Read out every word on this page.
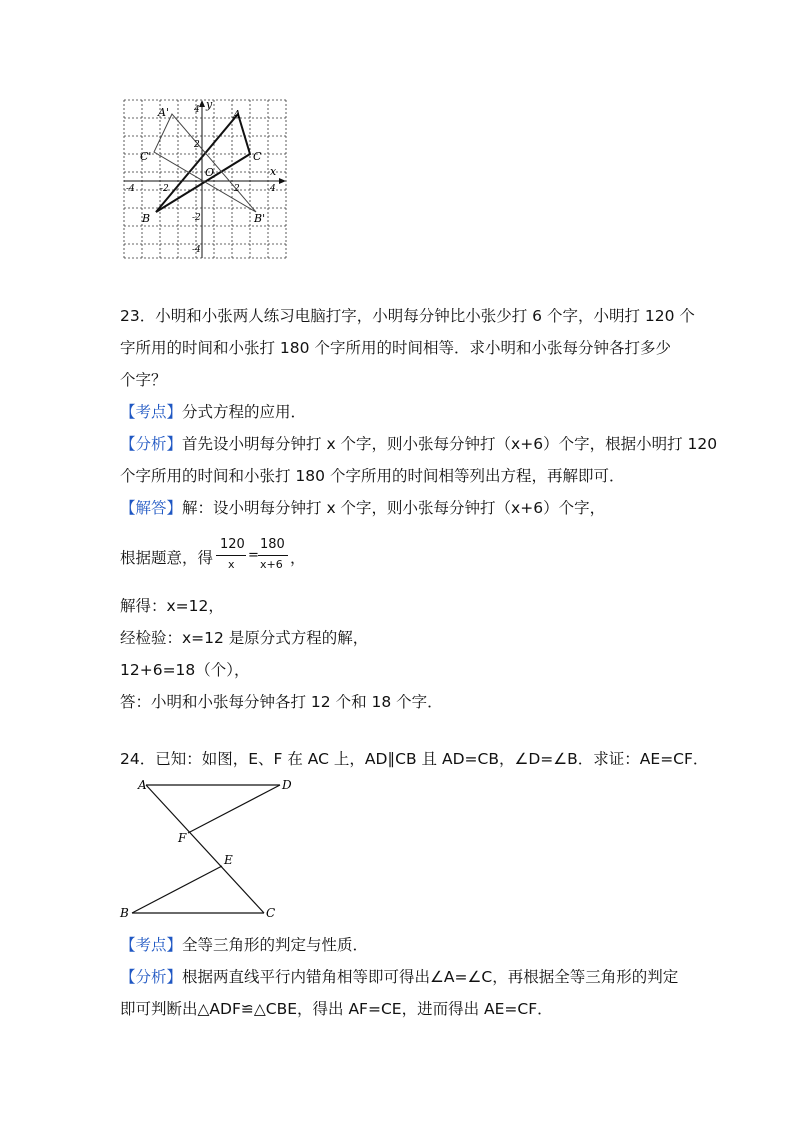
A'	A
C'	C
O
B	B'
x
y
-4	-2	2	4
4
2
-2
-4
23．小明和小张两人练习电脑打字，小明每分钟比小张少打 6 个字，小明打 120 个
字所用的时间和小张打 180 个字所用的时间相等．求小明和小张每分钟各打多少
个字？
【考点】分式方程的应用．
【分析】首先设小明每分钟打 x 个字，则小张每分钟打（x+6）个字，根据小明打 120
个字所用的时间和小张打 180 个字所用的时间相等列出方程，再解即可．
【解答】解：设小明每分钟打 x 个字，则小张每分钟打（x+6）个字，
根据题意，得
120
x
=
180
x+6 ，
解得：x=12，
经检验：x=12 是原分式方程的解，
12+6=18（个），
答：小明和小张每分钟各打 12 个和 18 个字．
24．已知：如图，E、F 在 AC 上，AD∥CB 且 AD=CB，∠D=∠B．求证：AE=CF．
A	D
F
E
B	C
【考点】全等三角形的判定与性质．
【分析】根据两直线平行内错角相等即可得出∠A=∠C，再根据全等三角形的判定
即可判断出△ADF≌△CBE，得出 AF=CE，进而得出 AE=CF．
